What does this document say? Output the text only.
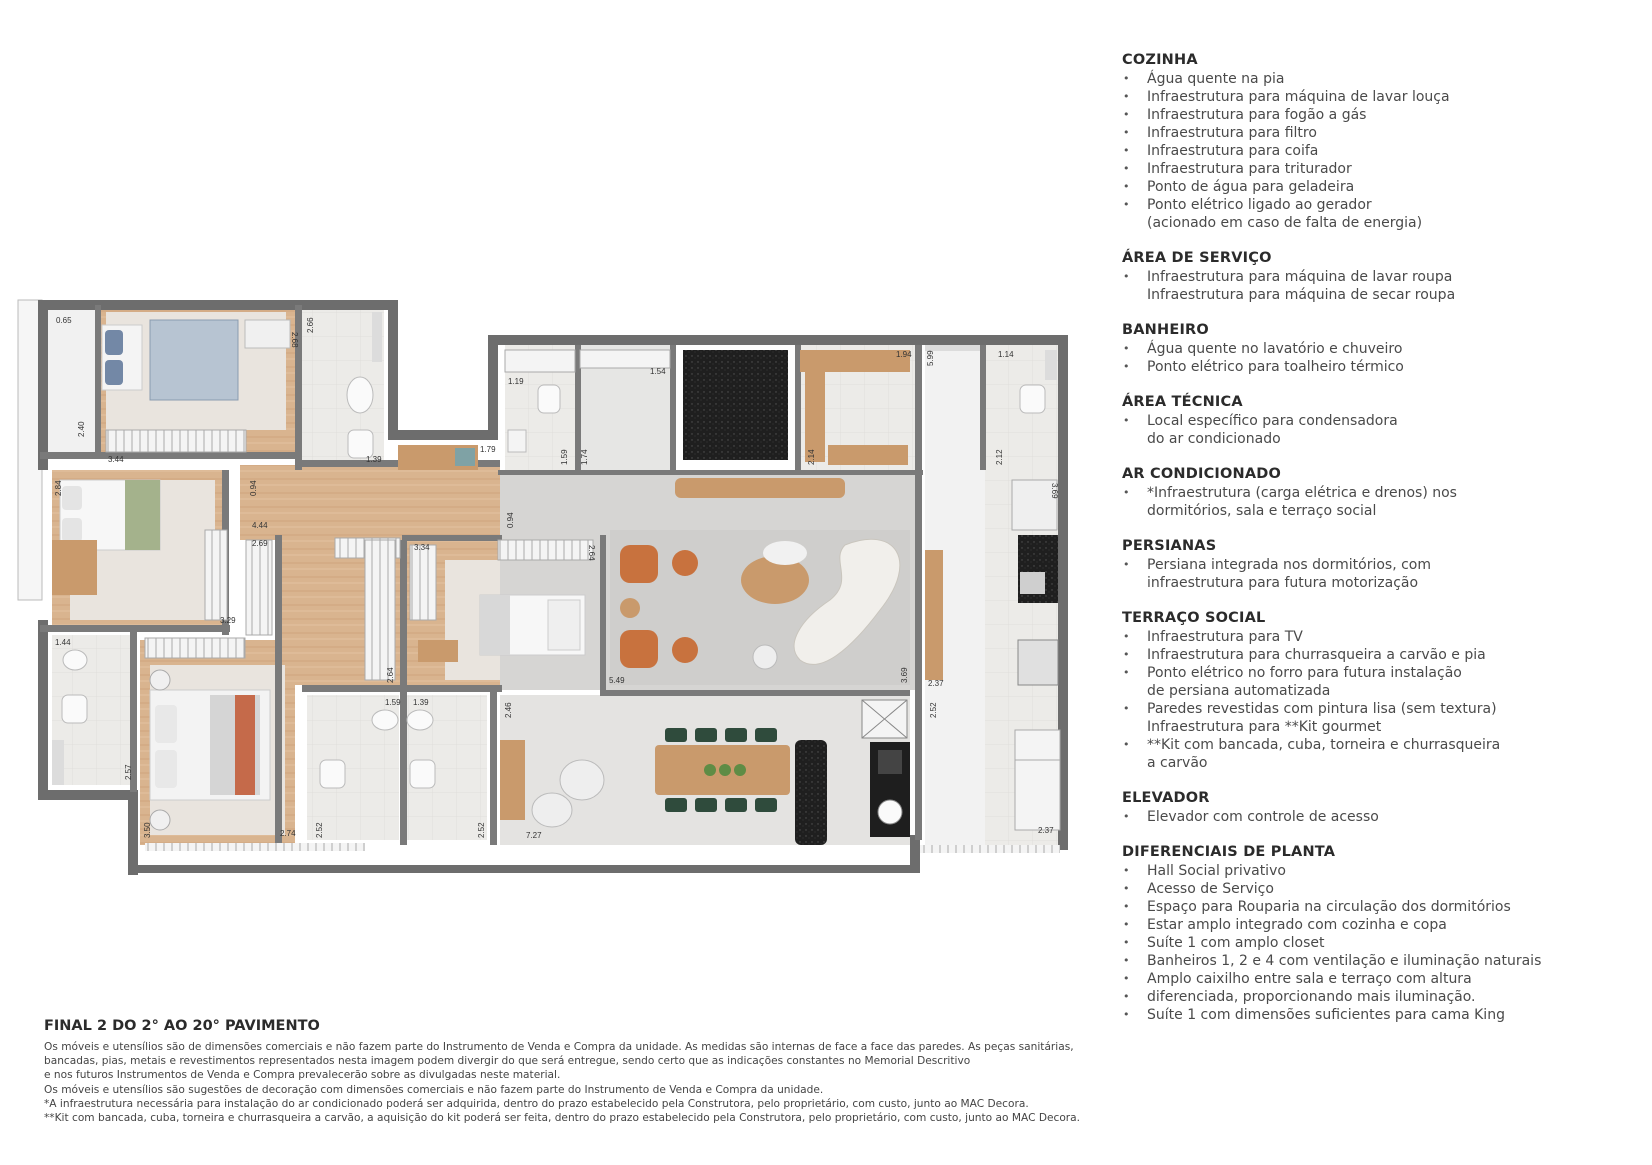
0.65
3.44
2.68
2.40
2.66
1.39
1.79
1.19
1.59
1.54
1.74	2.14
1.94 5.99	1.14
2.12
3.69
0.94
0.94
2.84
4.44
2.69	3.34	2.64
3.29
2.64	5.49	3.69
2.37
1.44
1.59 1.39	2.46	2.52
2.57
2.52	2.52	7.27
2.37
2.74
3.50
COZINHA
• Água quente na pia
• Infraestrutura para máquina de lavar louça
• Infraestrutura para fogão a gás
• Infraestrutura para filtro
• Infraestrutura para coifa
• Infraestrutura para triturador
• Ponto de água para geladeira
• Ponto elétrico ligado ao gerador
(acionado em caso de falta de energia)
ÁREA DE SERVIÇO
• Infraestrutura para máquina de lavar roupa
Infraestrutura para máquina de secar roupa
BANHEIRO
• Água quente no lavatório e chuveiro
• Ponto elétrico para toalheiro térmico
ÁREA TÉCNICA
• Local específico para condensadora
do ar condicionado
AR CONDICIONADO
• *Infraestrutura (carga elétrica e drenos) nos
dormitórios, sala e terraço social
PERSIANAS
• Persiana integrada nos dormitórios, com
infraestrutura para futura motorização
TERRAÇO SOCIAL
• Infraestrutura para TV
• Infraestrutura para churrasqueira a carvão e pia
• Ponto elétrico no forro para futura instalação
de persiana automatizada
• Paredes revestidas com pintura lisa (sem textura)
Infraestrutura para **Kit gourmet
• **Kit com bancada, cuba, torneira e churrasqueira
a carvão
ELEVADOR
• Elevador com controle de acesso
DIFERENCIAIS DE PLANTA
• Hall Social privativo
• Acesso de Serviço
• Espaço para Rouparia na circulação dos dormitórios
• Estar amplo integrado com cozinha e copa
• Suíte 1 com amplo closet
• Banheiros 1, 2 e 4 com ventilação e iluminação naturais
• Amplo caixilho entre sala e terraço com altura
• diferenciada, proporcionando mais iluminação.
• Suíte 1 com dimensões suficientes para cama King
FINAL 2 DO 2° AO 20° PAVIMENTO
Os móveis e utensílios são de dimensões comerciais e não fazem parte do Instrumento de Venda e Compra da unidade. As medidas são internas de face a face das paredes. As peças sanitárias,
bancadas, pias, metais e revestimentos representados nesta imagem podem divergir do que será entregue, sendo certo que as indicações constantes no Memorial Descritivo
e nos futuros Instrumentos de Venda e Compra prevalecerão sobre as divulgadas neste material.
Os móveis e utensílios são sugestões de decoração com dimensões comerciais e não fazem parte do Instrumento de Venda e Compra da unidade.
*A infraestrutura necessária para instalação do ar condicionado poderá ser adquirida, dentro do prazo estabelecido pela Construtora, pelo proprietário, com custo, junto ao MAC Decora.
**Kit com bancada, cuba, torneira e churrasqueira a carvão, a aquisição do kit poderá ser feita, dentro do prazo estabelecido pela Construtora, pelo proprietário, com custo, junto ao MAC Decora.
